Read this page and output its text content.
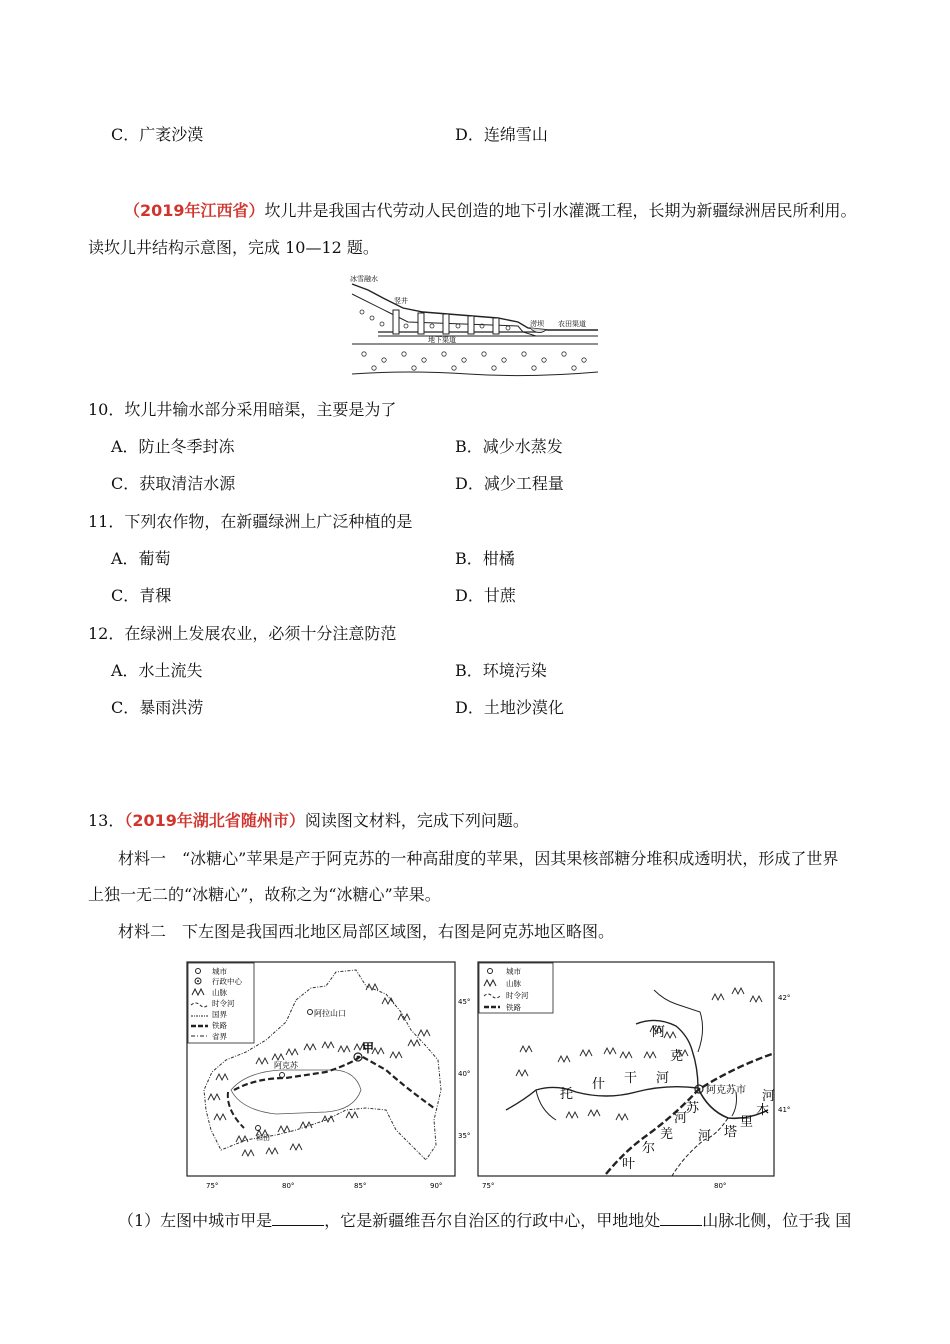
C．广袤沙漠	D．连绵雪山
（2019年江西省）坎儿井是我国古代劳动人民创造的地下引水灌溉工程，长期为新疆绿洲居民所利用。
读坎儿井结构示意图，完成 10—12 题。
冰雪融水
竖井
地下渠道
涝坝 农田渠道
10．坎儿井输水部分采用暗渠，主要是为了
A．防止冬季封冻	B．减少水蒸发
C．获取清洁水源	D．减少工程量
11．下列农作物，在新疆绿洲上广泛种植的是
A．葡萄	B．柑橘
C．青稞	D．甘蔗
12．在绿洲上发展农业，必须十分注意防范
A．水土流失	B．环境污染
C．暴雨洪涝	D．土地沙漠化
13．（2019年湖北省随州市）阅读图文材料，完成下列问题。
材料一　“冰糖心”苹果是产于阿克苏的一种高甜度的苹果，因其果核部糖分堆积成透明状，形成了世界
上独一无二的“冰糖心”，故称之为“冰糖心”苹果。
材料二　下左图是我国西北地区局部区域图，右图是阿克苏地区略图。
城市
行政中心
山脉
时令河
国界
铁路
省界
阿拉山口
甲
阿克苏
和田
45°
40°
35°
75°	80°	85°	90°
城市
山脉
时令河
铁路
阿克苏市
阿
克
苏
河
托
什 干 河
塔
里
木
河
叶
尔
羌
河
42°
41°
75°	80°
（1）左图中城市甲是	，它是新疆维吾尔自治区的行政中心，甲地地处	山脉北侧，位于我 国
